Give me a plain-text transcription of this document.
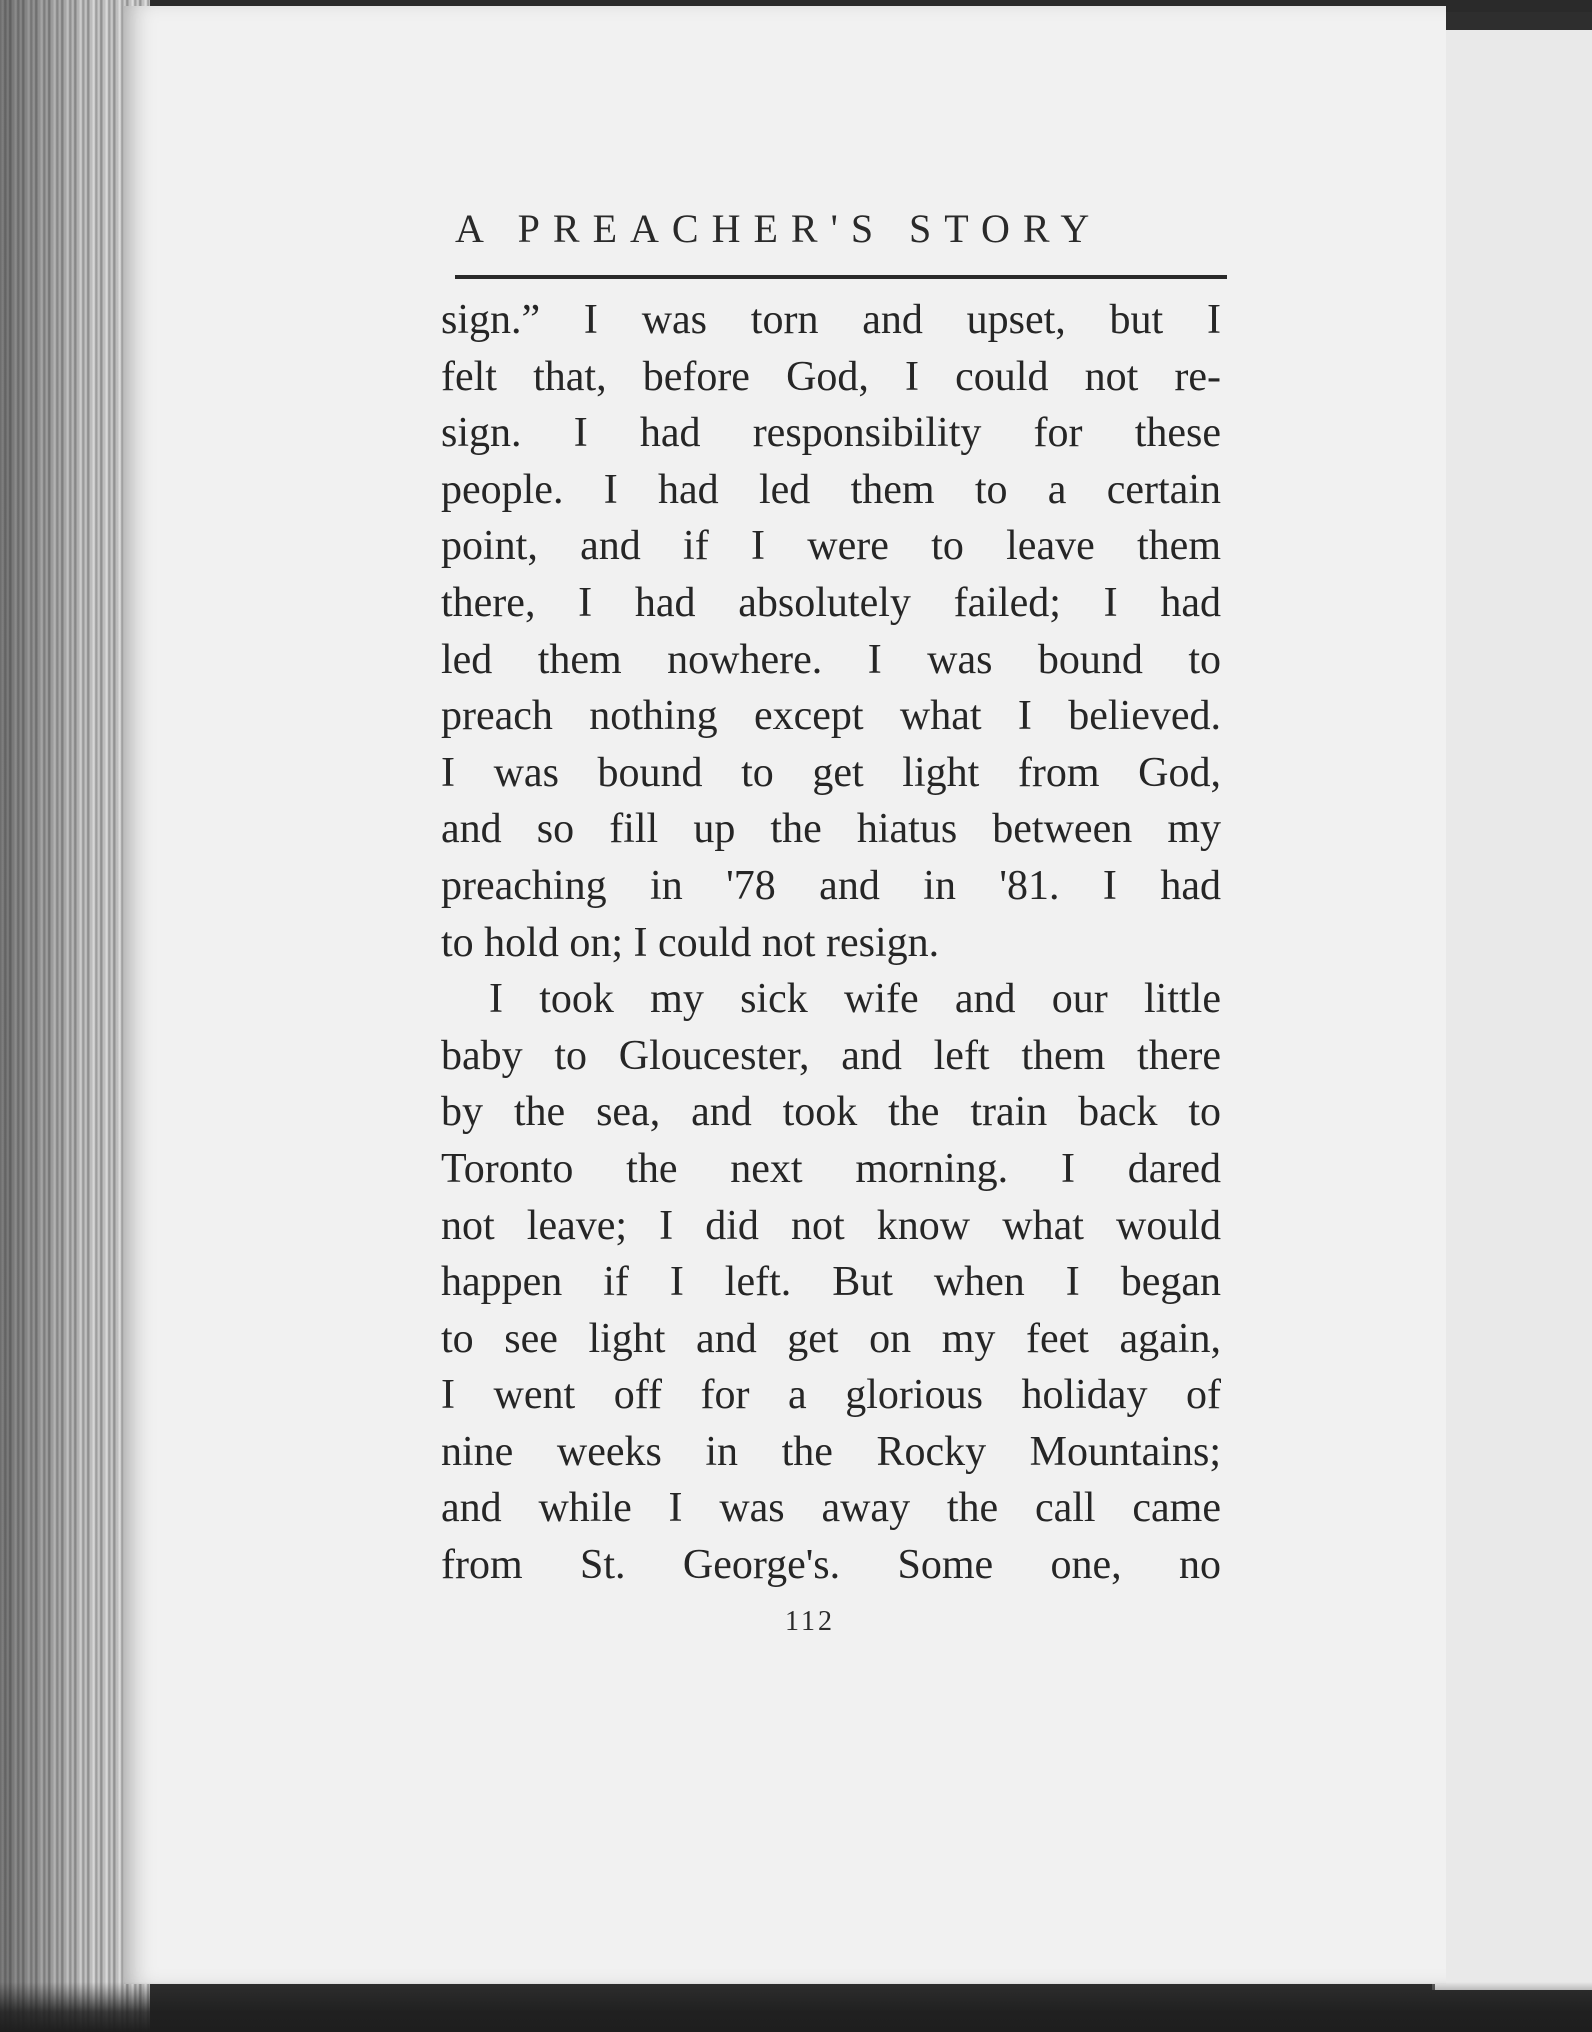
A PREACHER'S STORY
sign.” I was torn and upset, but I
felt that, before God, I could not re-
sign. I had responsibility for these
people. I had led them to a certain
point, and if I were to leave them
there, I had absolutely failed; I had
led them nowhere. I was bound to
preach nothing except what I believed.
I was bound to get light from God,
and so fill up the hiatus between my
preaching in '78 and in '81. I had
to hold on; I could not resign.
I took my sick wife and our little
baby to Gloucester, and left them there
by the sea, and took the train back to
Toronto the next morning. I dared
not leave; I did not know what would
happen if I left. But when I began
to see light and get on my feet again,
I went off for a glorious holiday of
nine weeks in the Rocky Mountains;
and while I was away the call came
from St. George's. Some one, no
112
